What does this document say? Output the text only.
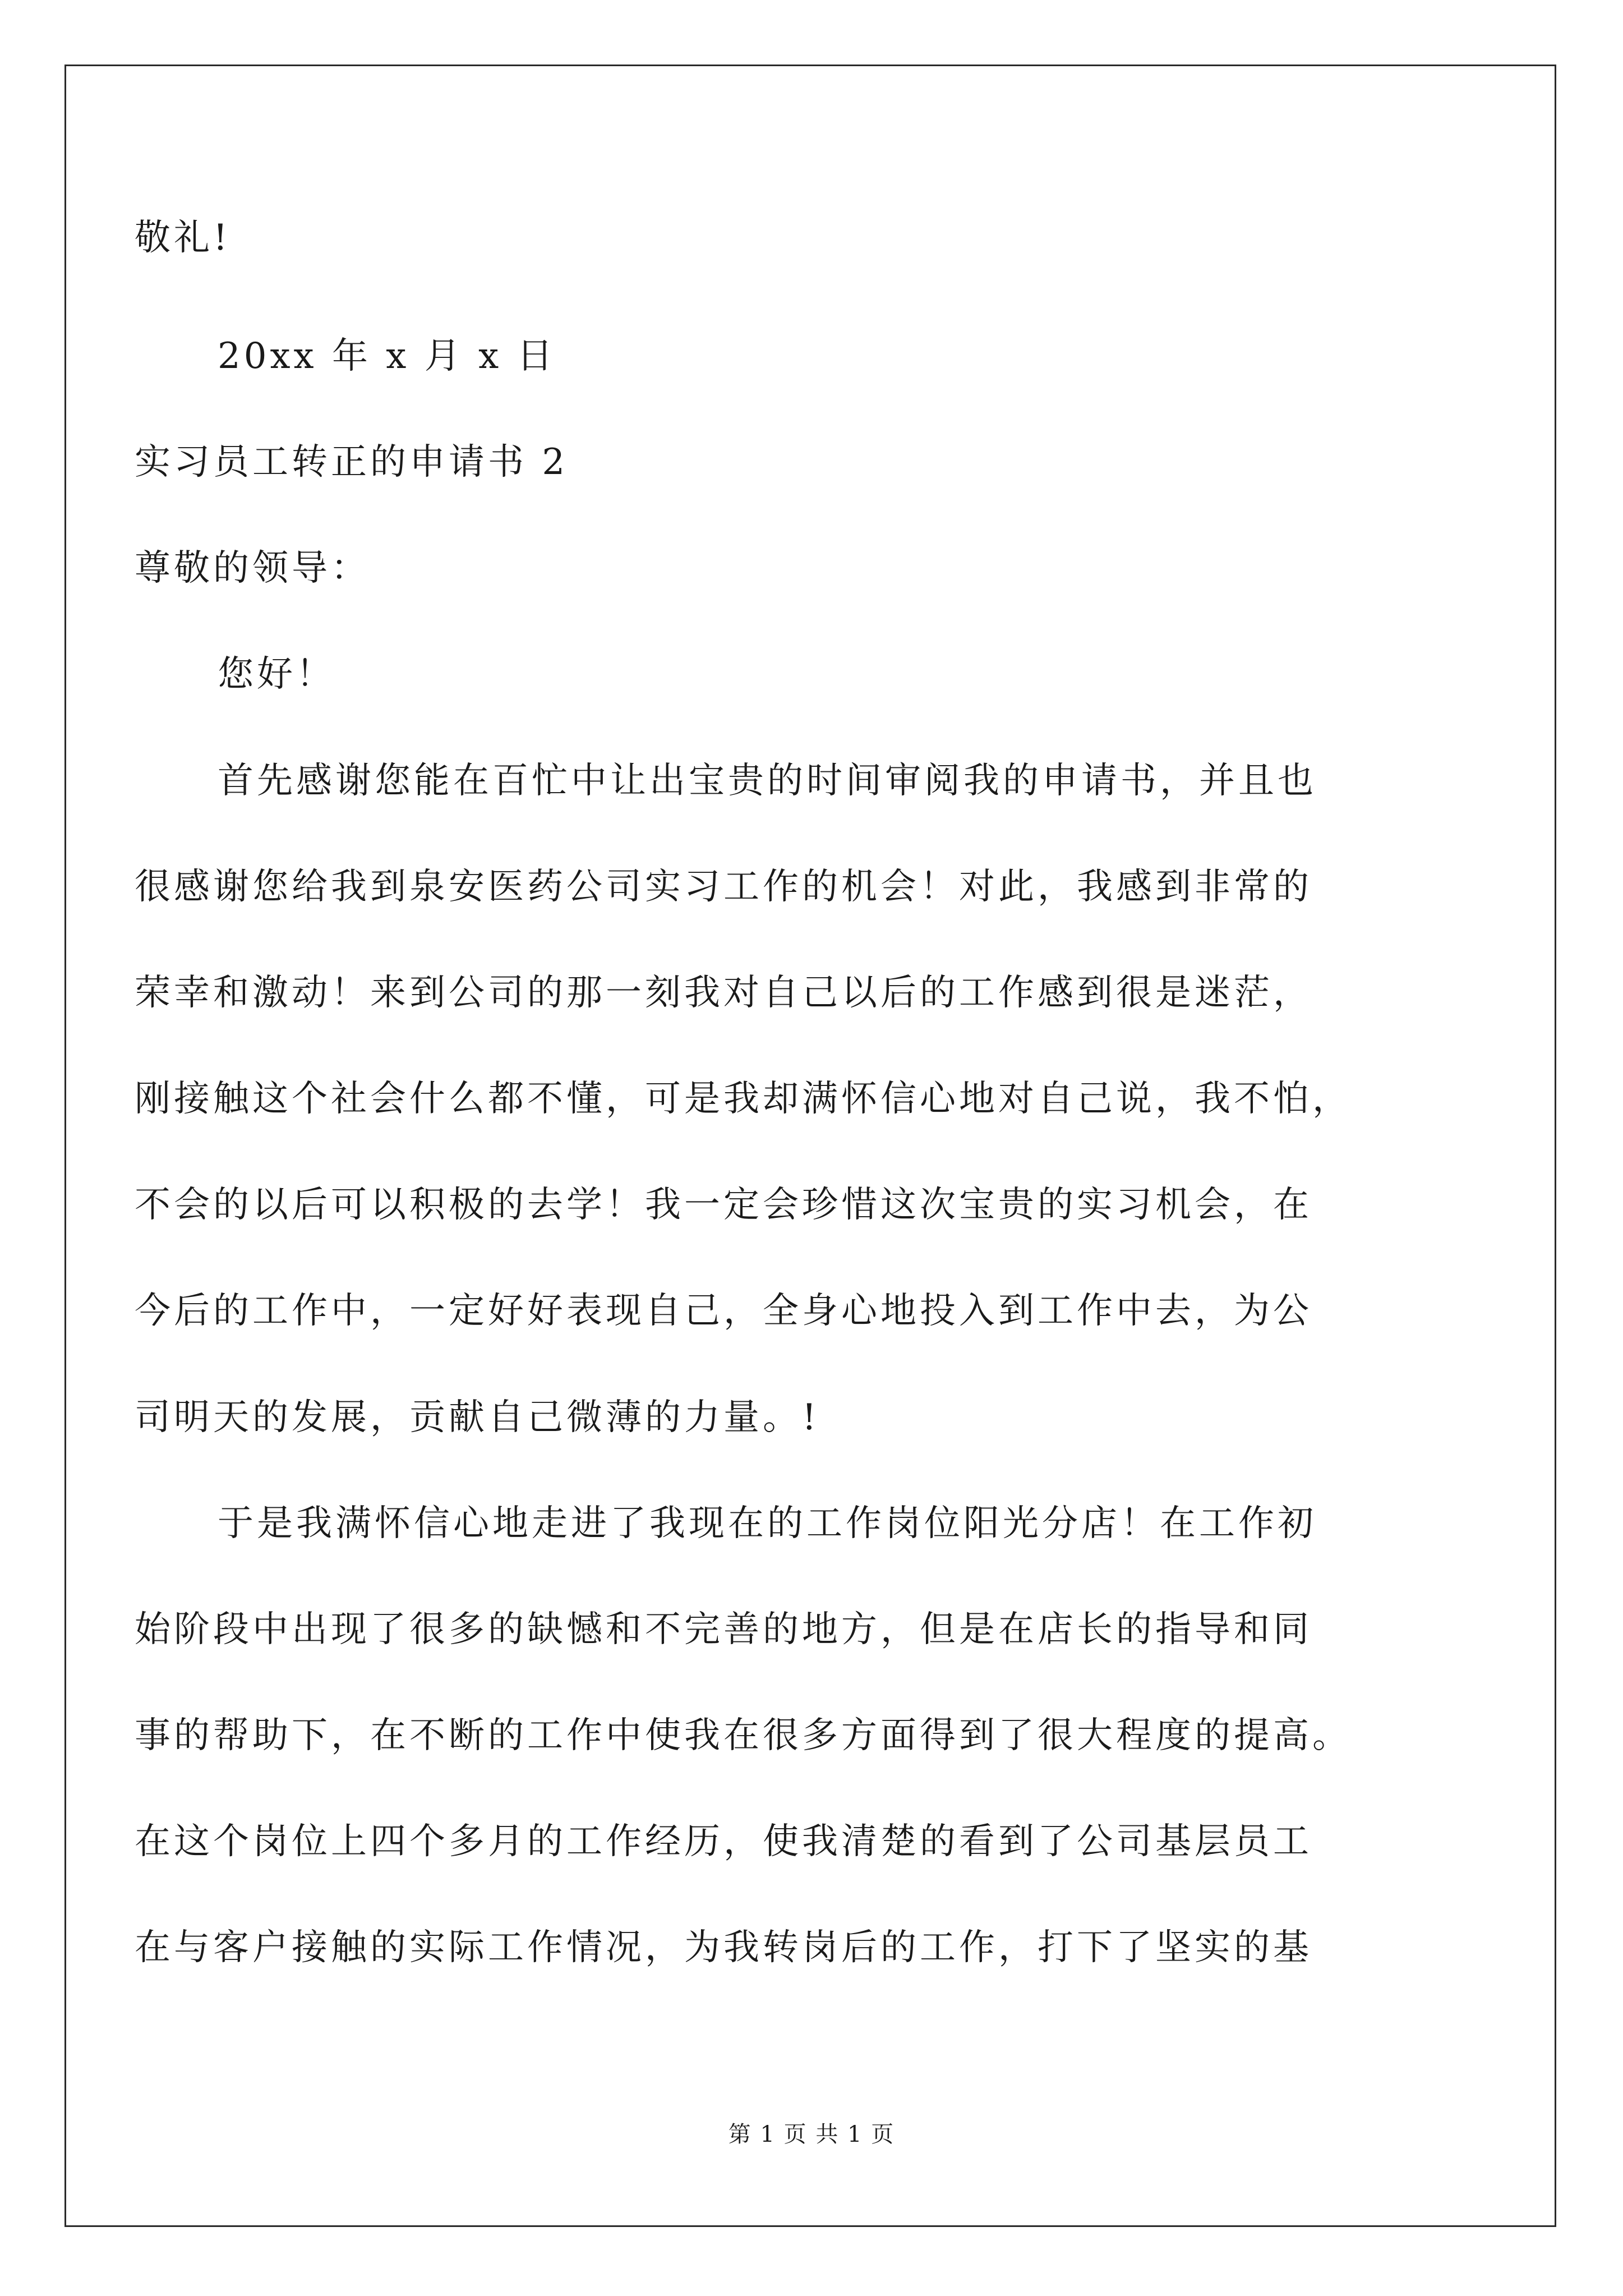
敬礼!
20xx 年 x 月 x 日
实习员工转正的申请书 2
尊敬的领导：
您好！
首先感谢您能在百忙中让出宝贵的时间审阅我的申请书，并且也
很感谢您给我到泉安医药公司实习工作的机会！对此，我感到非常的
荣幸和激动！来到公司的那一刻我对自己以后的工作感到很是迷茫，
刚接触这个社会什么都不懂，可是我却满怀信心地对自己说，我不怕，
不会的以后可以积极的去学！我一定会珍惜这次宝贵的实习机会，在
今后的工作中，一定好好表现自己，全身心地投入到工作中去，为公
司明天的发展，贡献自己微薄的力量。!
于是我满怀信心地走进了我现在的工作岗位阳光分店！在工作初
始阶段中出现了很多的缺憾和不完善的地方，但是在店长的指导和同
事的帮助下，在不断的工作中使我在很多方面得到了很大程度的提高。
在这个岗位上四个多月的工作经历，使我清楚的看到了公司基层员工
在与客户接触的实际工作情况，为我转岗后的工作，打下了坚实的基
第 1 页 共 1 页
